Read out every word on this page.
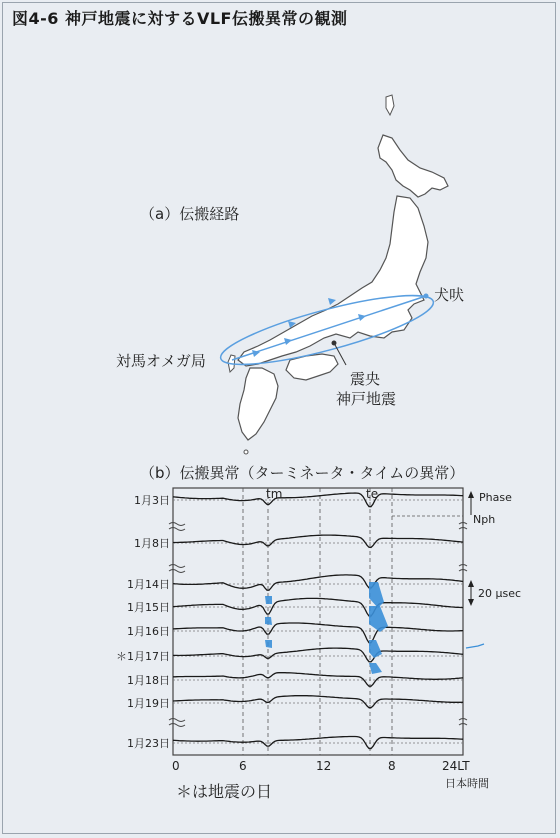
図4-6 神戸地震に対するVLF伝搬異常の観測
（a）伝搬経路
犬吠
対馬オメガ局
震央
神戸地震
（b）伝搬異常（ターミネータ・タイムの異常）
tm	te	Phase
Nph
20 μsec
1月3日
1月8日
1月14日
1月15日
1月16日
＊1月17日
1月18日
1月19日
1月23日
0	6	12	8	24LT
日本時間
＊は地震の日
